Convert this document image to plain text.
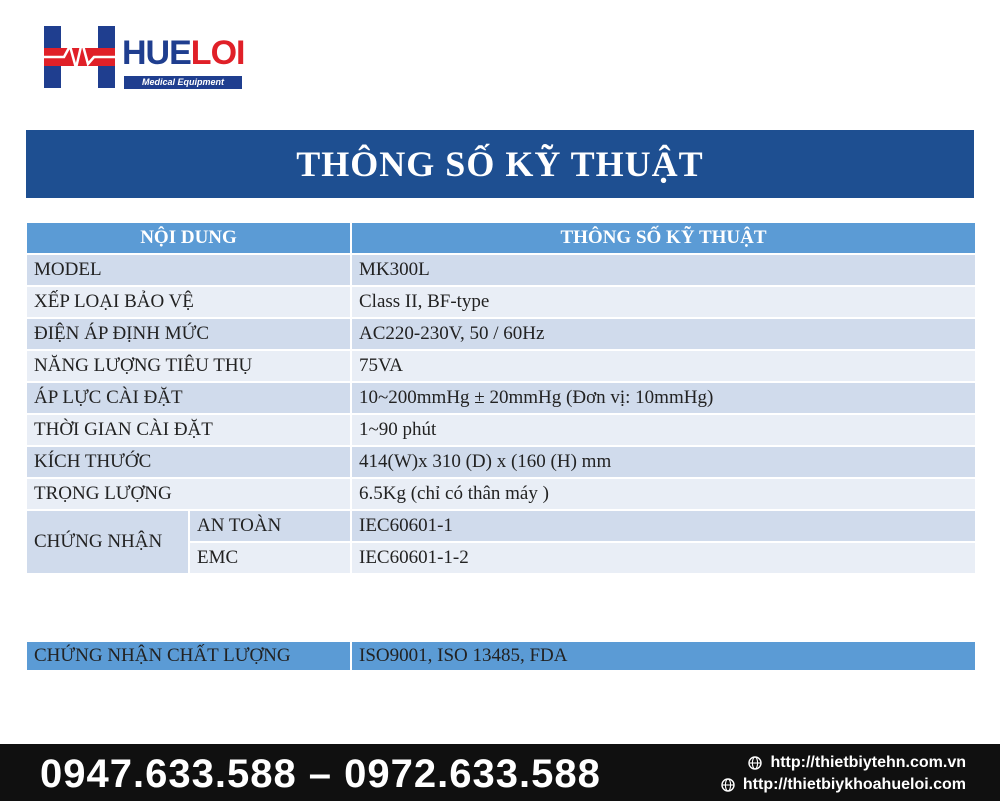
HUELOI
Medical Equipment
THÔNG SỐ KỸ THUẬT
NỘI DUNG		THÔNG SỐ KỸ THUẬT
MODEL		MK300L
XẾP LOẠI BẢO VỆ		Class II, BF-type
ĐIỆN ÁP ĐỊNH MỨC		AC220-230V, 50 / 60Hz
NĂNG LƯỢNG TIÊU THỤ		75VA
ÁP LỰC CÀI ĐẶT		10~200mmHg ± 20mmHg (Đơn vị: 10mmHg)
THỜI GIAN CÀI ĐẶT		1~90 phút
KÍCH THƯỚC		414(W)x 310 (D) x (160 (H) mm
TRỌNG LƯỢNG		6.5Kg (chỉ có thân máy )
CHỨNG NHẬN	AN TOÀN	IEC60601-1
	EMC	IEC60601-1-2
CHỨNG NHẬN CHẤT LƯỢNG	ISO9001, ISO 13485, FDA
0947.633.588 – 0972.633.588	http://thietbiytehn.com.vn
http://thietbiykhoahueloi.com
